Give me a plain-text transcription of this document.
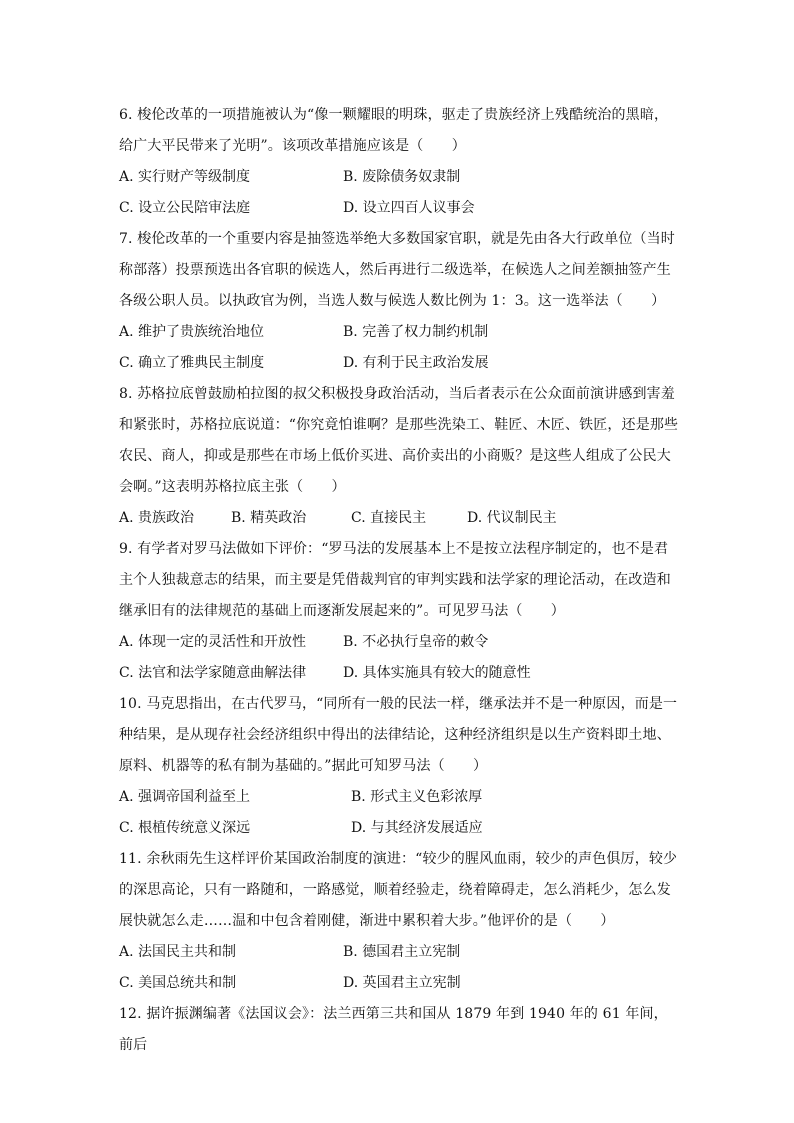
6. 梭伦改革的一项措施被认为“像一颗耀眼的明珠，驱走了贵族经济上残酷统治的黑暗，给广大平民带来了光明”。该项改革措施应该是（　　）

A. 实行财产等级制度	B. 废除债务奴隶制
C. 设立公民陪审法庭	D. 设立四百人议事会

7. 梭伦改革的一个重要内容是抽签选举绝大多数国家官职，就是先由各大行政单位（当时称部落）投票预选出各官职的候选人，然后再进行二级选举，在候选人之间差额抽签产生各级公职人员。以执政官为例，当选人数与候选人数比例为 1：3。这一选举法（　　）

A. 维护了贵族统治地位	B. 完善了权力制约机制
C. 确立了雅典民主制度	D. 有利于民主政治发展

8. 苏格拉底曾鼓励柏拉图的叔父积极投身政治活动，当后者表示在公众面前演讲感到害羞和紧张时，苏格拉底说道：“你究竟怕谁啊？是那些洗染工、鞋匠、木匠、铁匠，还是那些农民、商人，抑或是那些在市场上低价买进、高价卖出的小商贩？是这些人组成了公民大会啊。”这表明苏格拉底主张（　　）

A. 贵族政治	B. 精英政治	C. 直接民主	D. 代议制民主

9. 有学者对罗马法做如下评价：“罗马法的发展基本上不是按立法程序制定的，也不是君主个人独裁意志的结果，而主要是凭借裁判官的审判实践和法学家的理论活动，在改造和继承旧有的法律规范的基础上而逐渐发展起来的”。可见罗马法（　　）

A. 体现一定的灵活性和开放性	B. 不必执行皇帝的敕令
C. 法官和法学家随意曲解法律	D. 具体实施具有较大的随意性

10. 马克思指出，在古代罗马，“同所有一般的民法一样，继承法并不是一种原因，而是一种结果，是从现存社会经济组织中得出的法律结论，这种经济组织是以生产资料即土地、原料、机器等的私有制为基础的。”据此可知罗马法（　　）

A. 强调帝国利益至上	B. 形式主义色彩浓厚
C. 根植传统意义深远	D. 与其经济发展适应

11. 余秋雨先生这样评价某国政治制度的演进：“较少的腥风血雨，较少的声色俱厉，较少的深思高论，只有一路随和，一路感觉，顺着经验走，绕着障碍走，怎么消耗少，怎么发展快就怎么走……温和中包含着刚健，渐进中累积着大步。”他评价的是（　　）

A. 法国民主共和制	B. 德国君主立宪制
C. 美国总统共和制	D. 英国君主立宪制

12. 据许振渊编著《法国议会》：法兰西第三共和国从 1879 年到 1940 年的 61 年间，前后
